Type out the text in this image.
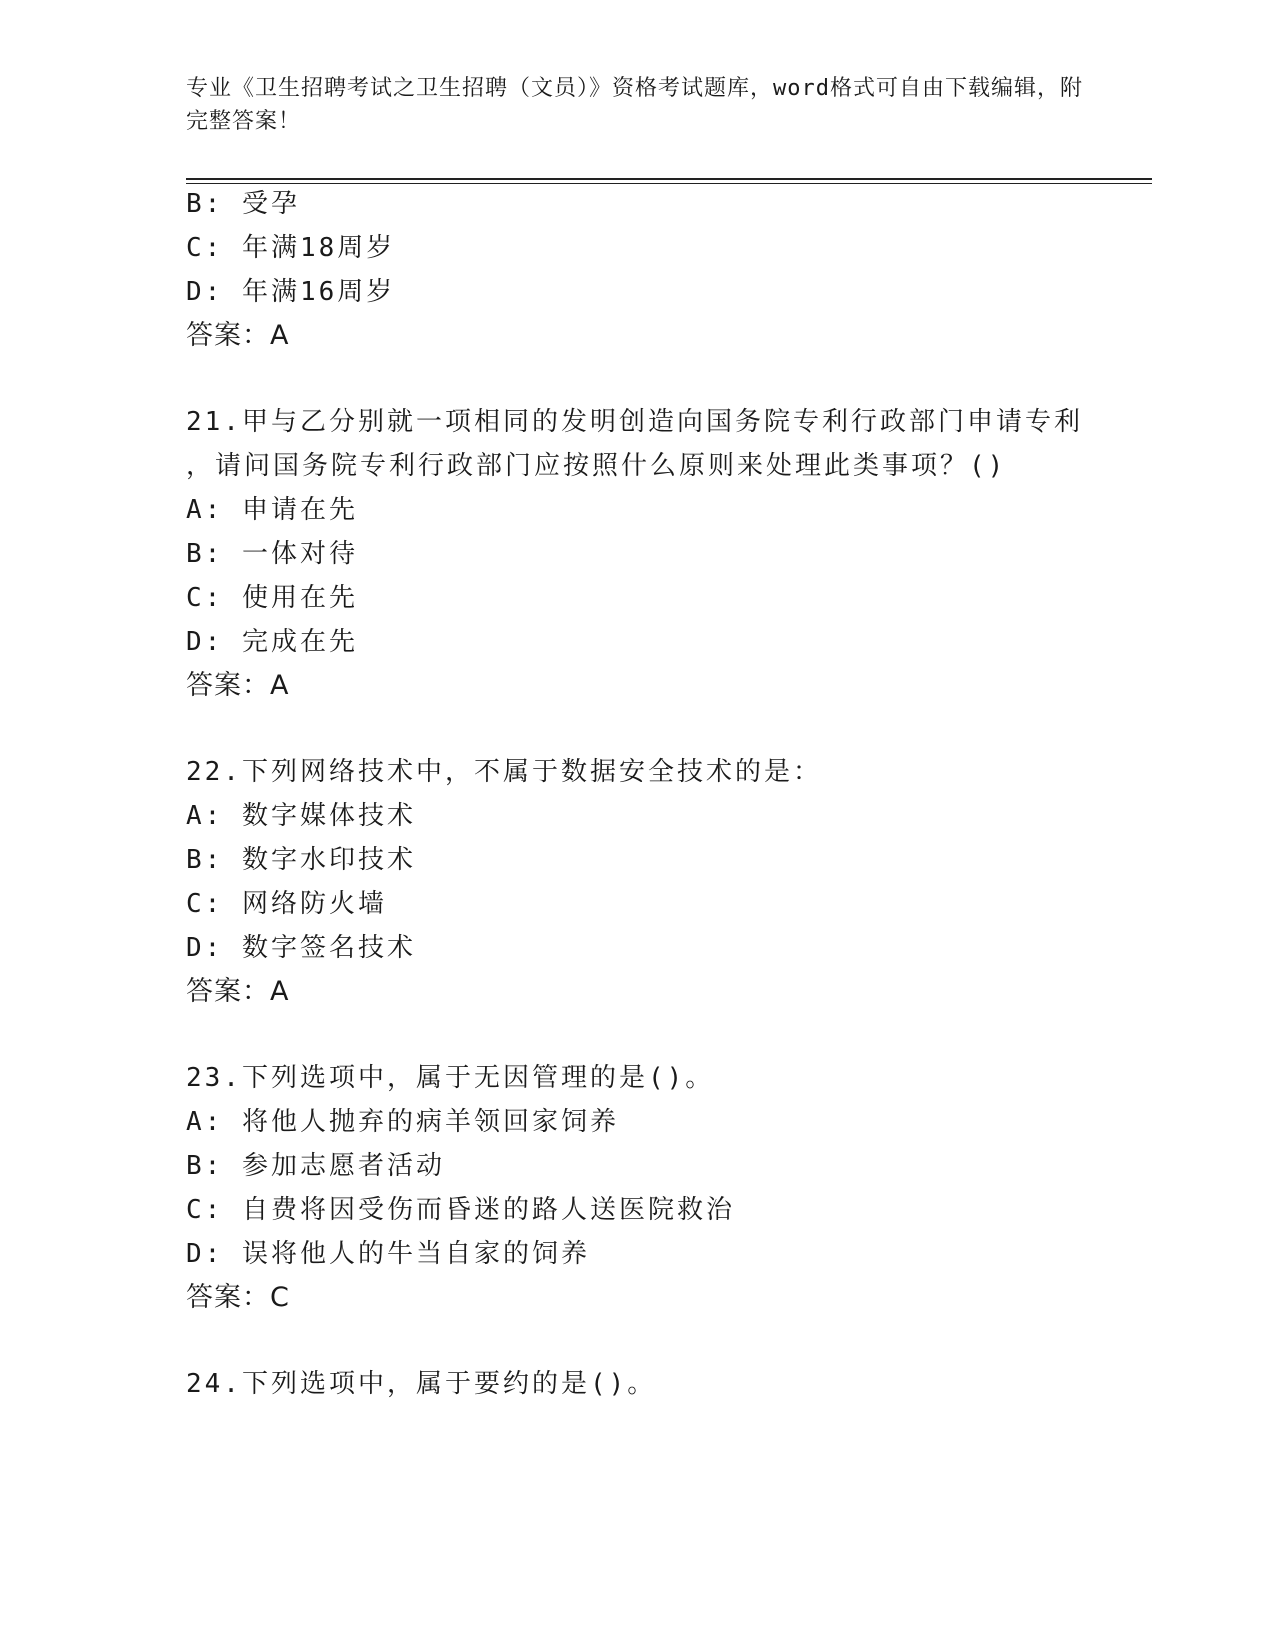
专业《卫生招聘考试之卫生招聘（文员）》资格考试题库，word格式可自由下载编辑，附完整答案！
B: 受孕
C: 年满18周岁
D: 年满16周岁
答案：A
21.甲与乙分别就一项相同的发明创造向国务院专利行政部门申请专利
，请问国务院专利行政部门应按照什么原则来处理此类事项？()
A: 申请在先
B: 一体对待
C: 使用在先
D: 完成在先
答案：A
22.下列网络技术中，不属于数据安全技术的是：
A: 数字媒体技术
B: 数字水印技术
C: 网络防火墙
D: 数字签名技术
答案：A
23.下列选项中，属于无因管理的是()。
A: 将他人抛弃的病羊领回家饲养
B: 参加志愿者活动
C: 自费将因受伤而昏迷的路人送医院救治
D: 误将他人的牛当自家的饲养
答案：C
24.下列选项中，属于要约的是()。
